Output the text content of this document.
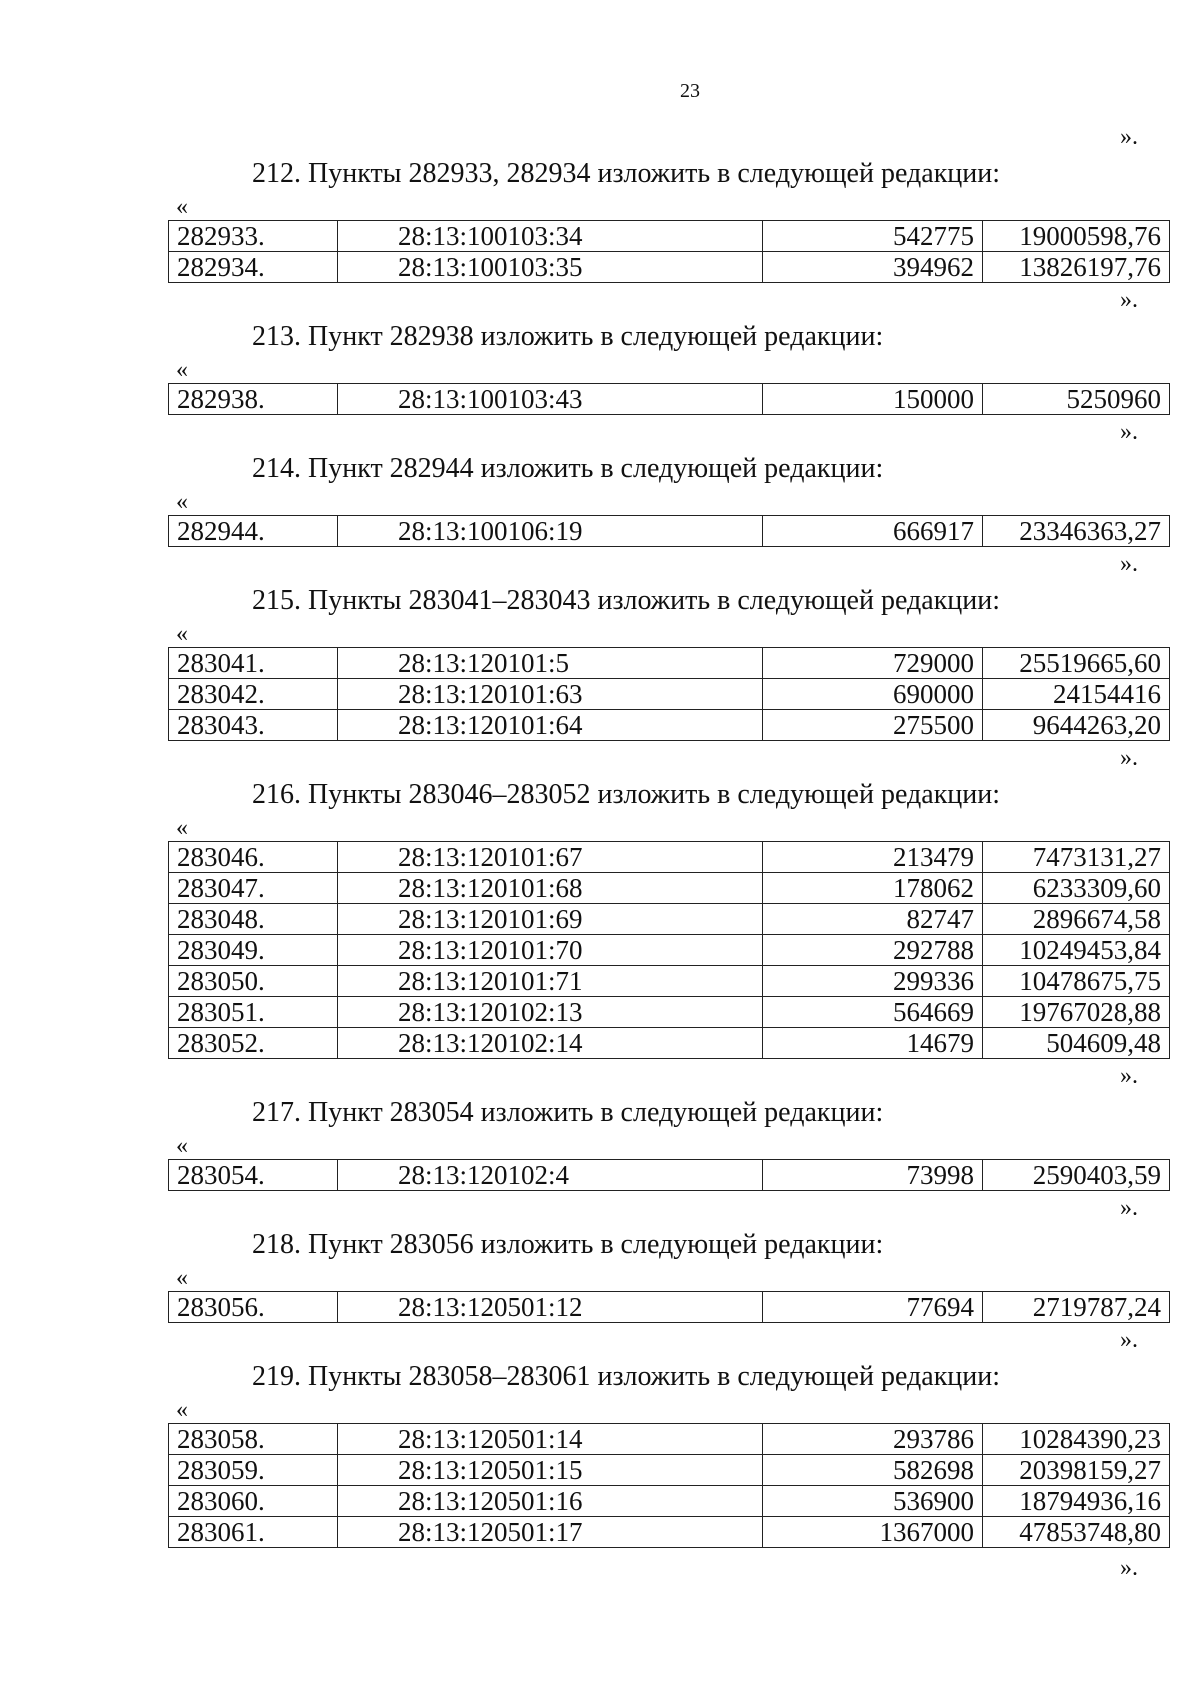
23
».
212. Пункты 282933, 282934 изложить в следующей редакции:
«
282933.	28:13:100103:34	542775	19000598,76
282934.	28:13:100103:35	394962	13826197,76
».
213. Пункт 282938 изложить в следующей редакции:
«
282938.	28:13:100103:43	150000	5250960
».
214. Пункт 282944 изложить в следующей редакции:
«
282944.	28:13:100106:19	666917	23346363,27
».
215. Пункты 283041–283043 изложить в следующей редакции:
«
283041.	28:13:120101:5	729000	25519665,60
283042.	28:13:120101:63	690000	24154416
283043.	28:13:120101:64	275500	9644263,20
».
216. Пункты 283046–283052 изложить в следующей редакции:
«
283046.	28:13:120101:67	213479	7473131,27
283047.	28:13:120101:68	178062	6233309,60
283048.	28:13:120101:69	82747	2896674,58
283049.	28:13:120101:70	292788	10249453,84
283050.	28:13:120101:71	299336	10478675,75
283051.	28:13:120102:13	564669	19767028,88
283052.	28:13:120102:14	14679	504609,48
».
217. Пункт 283054 изложить в следующей редакции:
«
283054.	28:13:120102:4	73998	2590403,59
».
218. Пункт 283056 изложить в следующей редакции:
«
283056.	28:13:120501:12	77694	2719787,24
».
219. Пункты 283058–283061 изложить в следующей редакции:
«
283058.	28:13:120501:14	293786	10284390,23
283059.	28:13:120501:15	582698	20398159,27
283060.	28:13:120501:16	536900	18794936,16
283061.	28:13:120501:17	1367000	47853748,80
».
